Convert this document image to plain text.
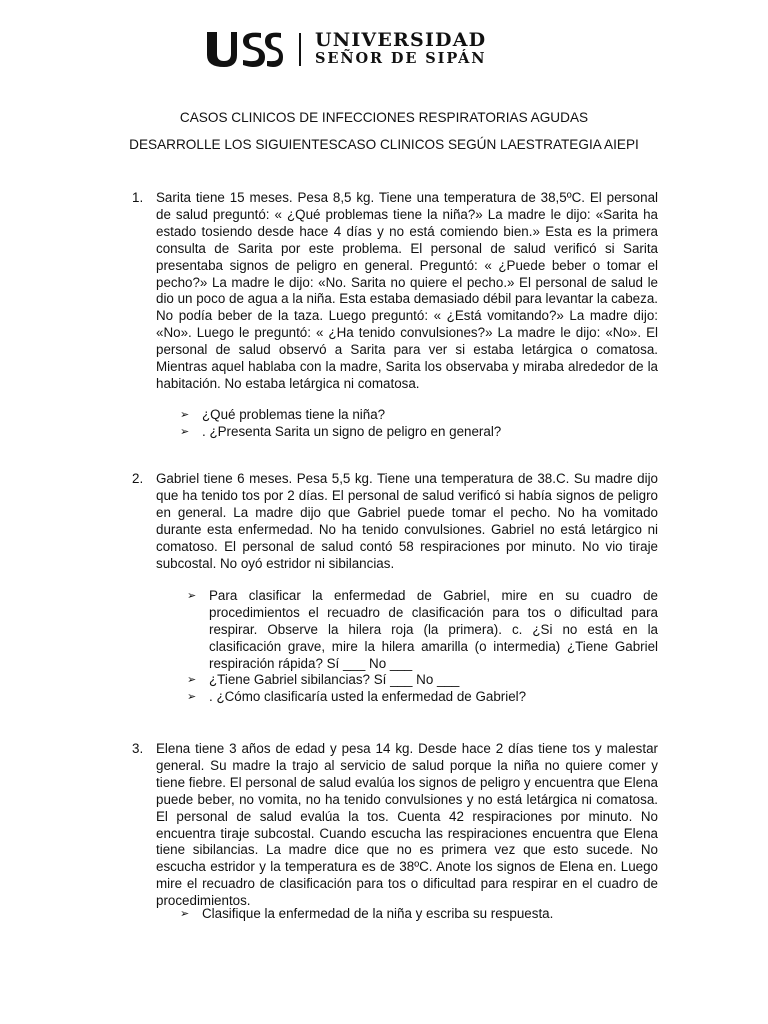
UNIVERSIDAD
SEÑOR DE SIPÁN
CASOS CLINICOS DE INFECCIONES RESPIRATORIAS AGUDAS
DESARROLLE LOS SIGUIENTESCASO CLINICOS SEGÚN LAESTRATEGIA AIEPI
1. Sarita tiene 15 meses. Pesa 8,5 kg. Tiene una temperatura de 38,5ºC. El personal de salud preguntó: « ¿Qué problemas tiene la niña?» La madre le dijo: «Sarita ha estado tosiendo desde hace 4 días y no está comiendo bien.» Esta es la primera consulta de Sarita por este problema. El personal de salud verificó si Sarita presentaba signos de peligro en general. Preguntó: « ¿Puede beber o tomar el pecho?» La madre le dijo: «No. Sarita no quiere el pecho.» El personal de salud le dio un poco de agua a la niña. Esta estaba demasiado débil para levantar la cabeza. No podía beber de la taza. Luego preguntó: « ¿Está vomitando?» La madre dijo: «No». Luego le preguntó: « ¿Ha tenido convulsiones?» La madre le dijo: «No». El personal de salud observó a Sarita para ver si estaba letárgica o comatosa. Mientras aquel hablaba con la madre, Sarita los observaba y miraba alrededor de la habitación. No estaba letárgica ni comatosa.
➢ ¿Qué problemas tiene la niña?
➢ . ¿Presenta Sarita un signo de peligro en general?
2. Gabriel tiene 6 meses. Pesa 5,5 kg. Tiene una temperatura de 38.C. Su madre dijo que ha tenido tos por 2 días. El personal de salud verificó si había signos de peligro en general. La madre dijo que Gabriel puede tomar el pecho. No ha vomitado durante esta enfermedad. No ha tenido convulsiones. Gabriel no está letárgico ni comatoso. El personal de salud contó 58 respiraciones por minuto. No vio tiraje subcostal. No oyó estridor ni sibilancias.
➢ Para clasificar la enfermedad de Gabriel, mire en su cuadro de procedimientos el recuadro de clasificación para tos o dificultad para respirar. Observe la hilera roja (la primera). c. ¿Si no está en la clasificación grave, mire la hilera amarilla (o intermedia) ¿Tiene Gabriel respiración rápida? Sí ___ No ___
➢ ¿Tiene Gabriel sibilancias? Sí ___ No ___
➢ . ¿Cómo clasificaría usted la enfermedad de Gabriel?
3. Elena tiene 3 años de edad y pesa 14 kg. Desde hace 2 días tiene tos y malestar general. Su madre la trajo al servicio de salud porque la niña no quiere comer y tiene fiebre. El personal de salud evalúa los signos de peligro y encuentra que Elena puede beber, no vomita, no ha tenido convulsiones y no está letárgica ni comatosa. El personal de salud evalúa la tos. Cuenta 42 respiraciones por minuto. No encuentra tiraje subcostal. Cuando escucha las respiraciones encuentra que Elena tiene sibilancias. La madre dice que no es primera vez que esto sucede. No escucha estridor y la temperatura es de 38ºC. Anote los signos de Elena en. Luego mire el recuadro de clasificación para tos o dificultad para respirar en el cuadro de procedimientos.
➢ Clasifique la enfermedad de la niña y escriba su respuesta.
